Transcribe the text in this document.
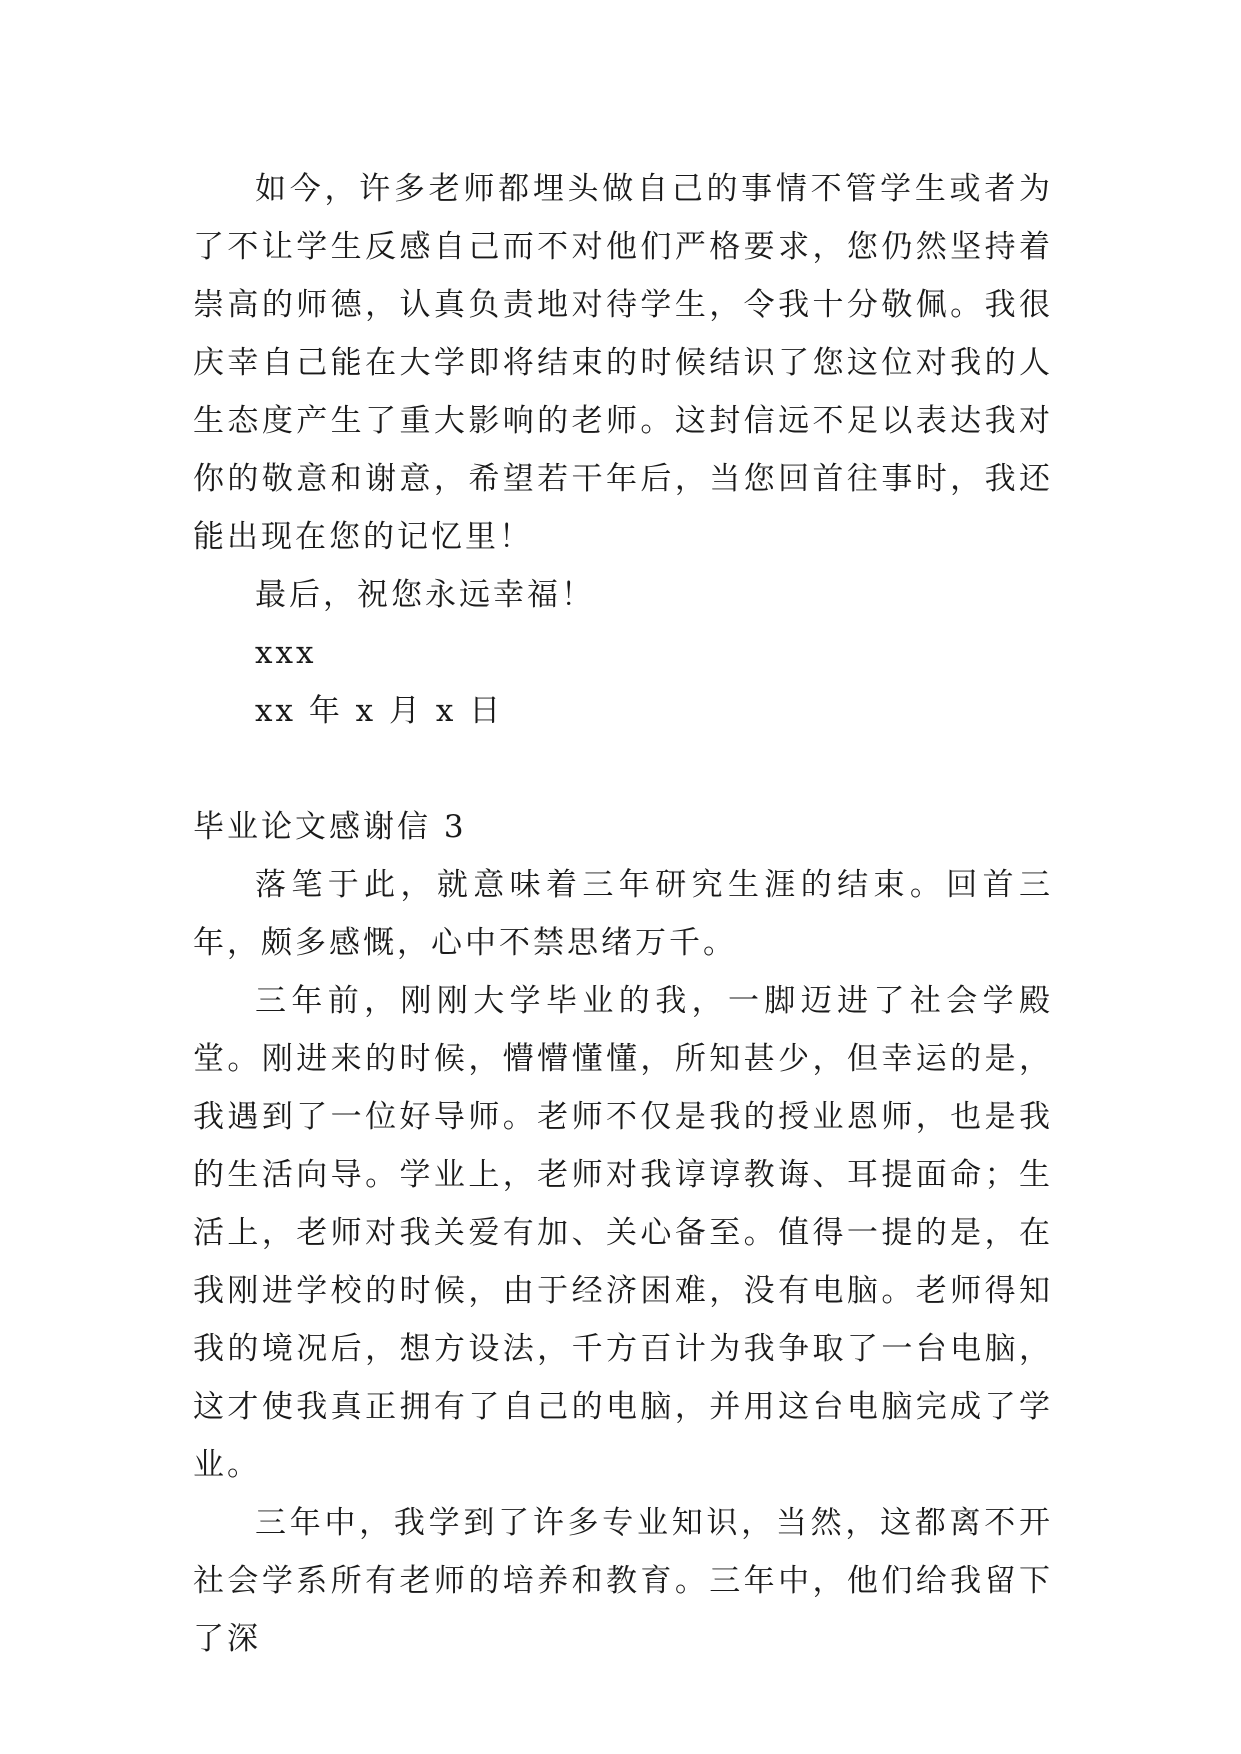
如今，许多老师都埋头做自己的事情不管学生或者为了不让学生反感自己而不对他们严格要求，您仍然坚持着崇高的师德，认真负责地对待学生，令我十分敬佩。我很庆幸自己能在大学即将结束的时候结识了您这位对我的人生态度产生了重大影响的老师。这封信远不足以表达我对你的敬意和谢意，希望若干年后，当您回首往事时，我还能出现在您的记忆里！

最后，祝您永远幸福！

xxx

xx 年 x 月 x 日

毕业论文感谢信 3

落笔于此，就意味着三年研究生涯的结束。回首三年，颇多感慨，心中不禁思绪万千。

三年前，刚刚大学毕业的我，一脚迈进了社会学殿堂。刚进来的时候，懵懵懂懂，所知甚少，但幸运的是，我遇到了一位好导师。老师不仅是我的授业恩师，也是我的生活向导。学业上，老师对我谆谆教诲、耳提面命；生活上，老师对我关爱有加、关心备至。值得一提的是，在我刚进学校的时候，由于经济困难，没有电脑。老师得知我的境况后，想方设法，千方百计为我争取了一台电脑，这才使我真正拥有了自己的电脑，并用这台电脑完成了学业。

三年中，我学到了许多专业知识，当然，这都离不开社会学系所有老师的培养和教育。三年中，他们给我留下了深
